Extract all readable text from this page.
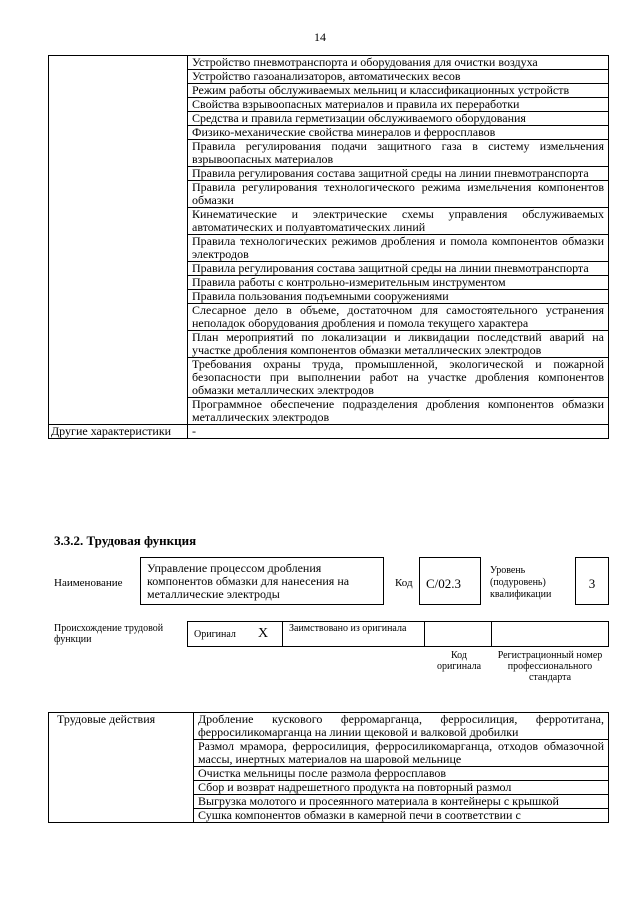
14
	Устройство пневмотранспорта и оборудования для очистки воздуха
	Устройство газоанализаторов, автоматических весов
	Режим работы обслуживаемых мельниц и классификационных устройств
	Свойства взрывоопасных материалов и правила их переработки
	Средства и правила герметизации обслуживаемого оборудования
	Физико-механические свойства минералов и ферросплавов
	Правила регулирования подачи защитного газа в систему измельчения взрывоопасных материалов
	Правила регулирования состава защитной среды на линии пневмотранспорта
	Правила регулирования технологического режима измельчения компонентов обмазки
	Кинематические и электрические схемы управления обслуживаемых автоматических и полуавтоматических линий
	Правила технологических режимов дробления и помола компонентов обмазки электродов
	Правила регулирования состава защитной среды на линии пневмотранспорта
	Правила работы с контрольно-измерительным инструментом
	Правила пользования подъемными сооружениями
	Слесарное дело в объеме, достаточном для самостоятельного устранения неполадок оборудования дробления и помола текущего характера
	План мероприятий по локализации и ликвидации последствий аварий на участке дробления компонентов обмазки металлических электродов
	Требования охраны труда, промышленной, экологической и пожарной безопасности при выполнении работ на участке дробления компонентов обмазки металлических электродов
	Программное обеспечение подразделения дробления компонентов обмазки металлических электродов
Другие характеристики	-
3.3.2. Трудовая функция
Наименование
Управление процессом дробления компонентов обмазки для нанесения на металлические электроды
Код	C/02.3
Уровень (подуровень) квалификации
3
Происхождение трудовой функции	Оригинал X Заимствовано из оригинала
Код оригинала
Регистрационный номер профессионального стандарта
Трудовые действия	Дробление кускового ферромарганца, ферросилиция, ферротитана, ферросиликомарганца на линии щековой и валковой дробилки
Размол мрамора, ферросилиция, ферросиликомарганца, отходов обмазочной массы, инертных материалов на шаровой мельнице
Очистка мельницы после размола ферросплавов
Сбор и возврат надрешетного продукта на повторный размол
Выгрузка молотого и просеянного материала в контейнеры с крышкой
Сушка компонентов обмазки в камерной печи в соответствии с
